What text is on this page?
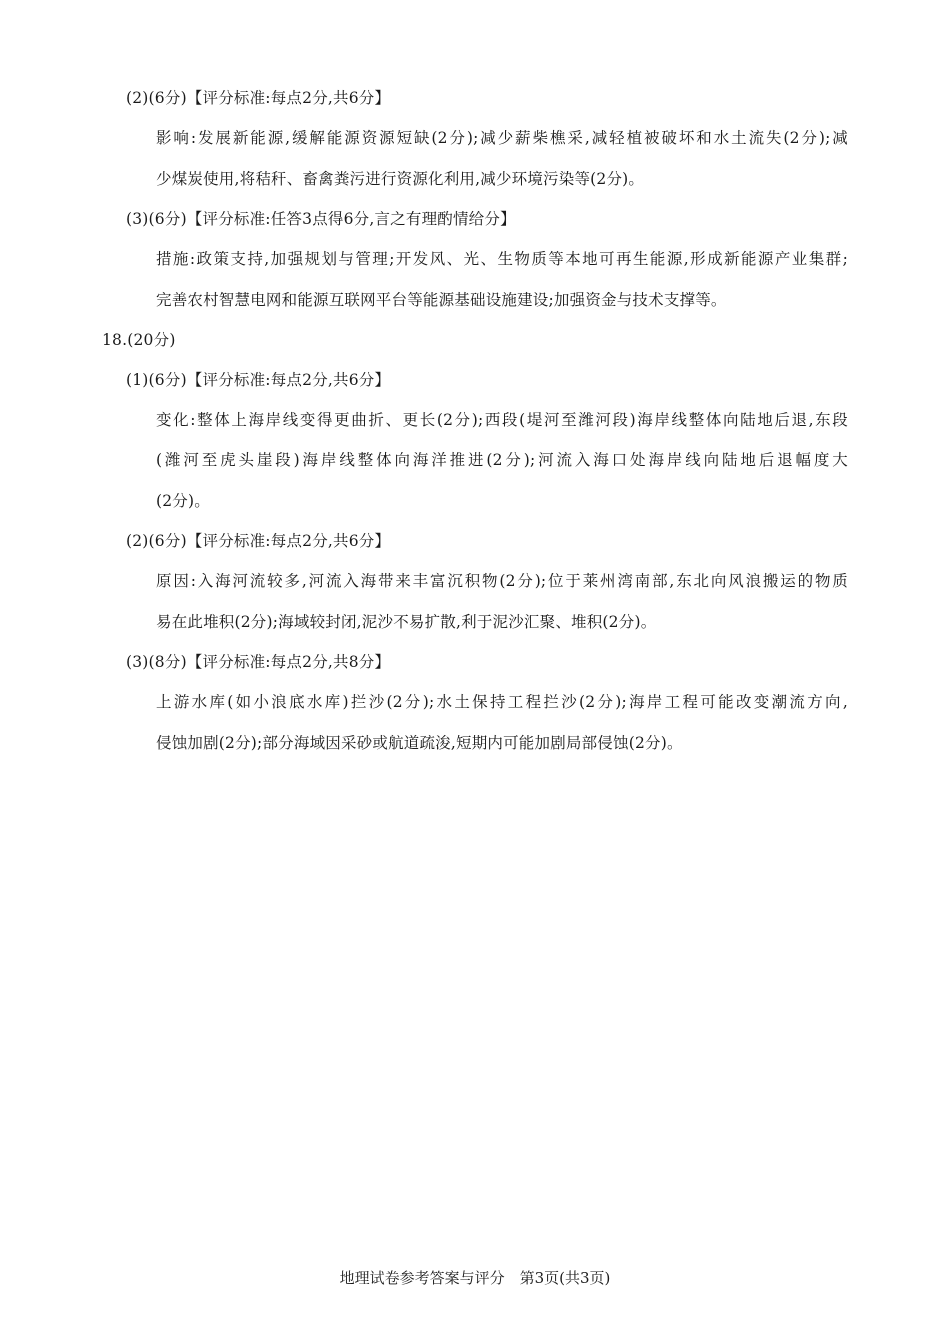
(2)(6分)【评分标准:每点2分,共6分】
影响:发展新能源,缓解能源资源短缺(2分);减少薪柴樵采,减轻植被破坏和水土流失(2分);减
少煤炭使用,将秸秆、畜禽粪污进行资源化利用,减少环境污染等(2分)。
(3)(6分)【评分标准:任答3点得6分,言之有理酌情给分】
措施:政策支持,加强规划与管理;开发风、光、生物质等本地可再生能源,形成新能源产业集群;
完善农村智慧电网和能源互联网平台等能源基础设施建设;加强资金与技术支撑等。
18.(20分)
(1)(6分)【评分标准:每点2分,共6分】
变化:整体上海岸线变得更曲折、更长(2分);西段(堤河至潍河段)海岸线整体向陆地后退,东段
(潍河至虎头崖段)海岸线整体向海洋推进(2分);河流入海口处海岸线向陆地后退幅度大
(2分)。
(2)(6分)【评分标准:每点2分,共6分】
原因:入海河流较多,河流入海带来丰富沉积物(2分);位于莱州湾南部,东北向风浪搬运的物质
易在此堆积(2分);海域较封闭,泥沙不易扩散,利于泥沙汇聚、堆积(2分)。
(3)(8分)【评分标准:每点2分,共8分】
上游水库(如小浪底水库)拦沙(2分);水土保持工程拦沙(2分);海岸工程可能改变潮流方向,
侵蚀加剧(2分);部分海域因采砂或航道疏浚,短期内可能加剧局部侵蚀(2分)。
地理试卷参考答案与评分　第3页(共3页)
